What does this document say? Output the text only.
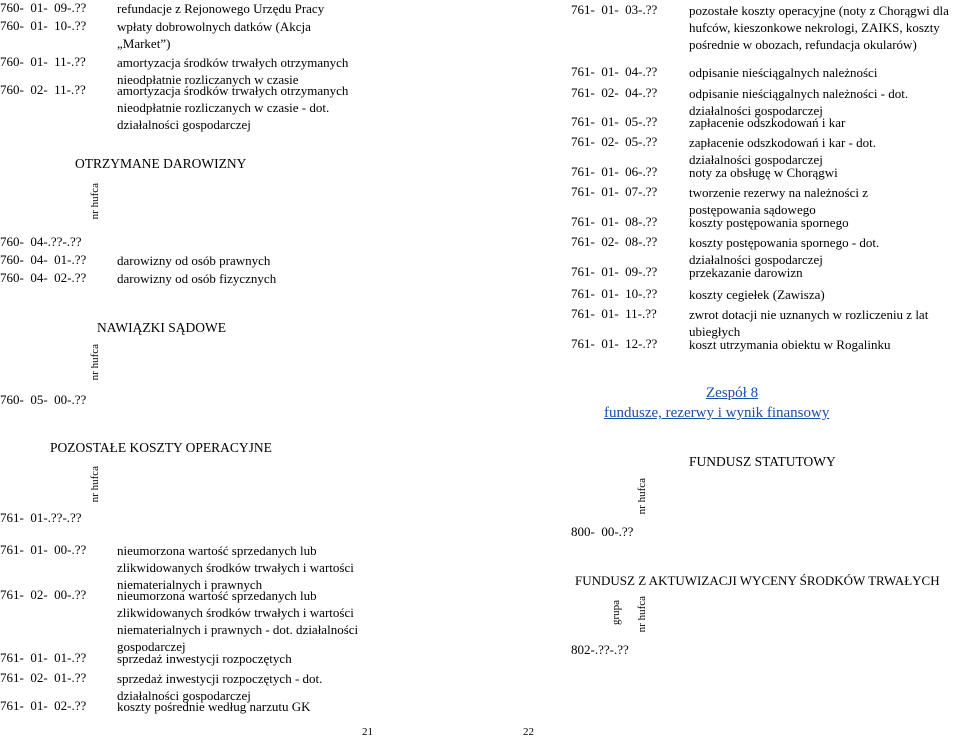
760-  01-  09-.?? refundacje z Rejonowego Urzędu Pracy
760-  01-  10-.?? wpłaty dobrowolnych datków (Akcja „Market”)
760-  01-  11-.?? amortyzacja środków trwałych otrzymanych nieodpłatnie rozliczanych w czasie
760-  02-  11-.?? amortyzacja środków trwałych otrzymanych nieodpłatnie rozliczanych w czasie - dot. działalności gospodarczej
OTRZYMANE DAROWIZNY
nr hufca
760-  04-.??-.??
760-  04-  01-.?? darowizny od osób prawnych
760-  04-  02-.?? darowizny od osób fizycznych
NAWIĄZKI SĄDOWE
nr hufca
760-  05-  00-.??
POZOSTAŁE KOSZTY OPERACYJNE
nr hufca
761-  01-.??-.??
761-  01-  00-.?? nieumorzona wartość sprzedanych lub zlikwidowanych środków trwałych i wartości niematerialnych i prawnych
761-  02-  00-.?? nieumorzona wartość sprzedanych lub zlikwidowanych środków trwałych i wartości niematerialnych i prawnych - dot. działalności gospodarczej
761-  01-  01-.?? sprzedaż inwestycji rozpoczętych
761-  02-  01-.?? sprzedaż inwestycji rozpoczętych - dot. działalności gospodarczej
761-  01-  02-.?? koszty pośrednie według narzutu GK
21
761-  01-  03-.?? pozostałe koszty operacyjne (noty z Chorągwi dla hufców, kieszonkowe nekrologi, ZAIKS, koszty pośrednie w obozach, refundacja okularów)
761-  01-  04-.?? odpisanie nieściągalnych należności
761-  02-  04-.?? odpisanie nieściągalnych należności - dot. działalności gospodarczej
761-  01-  05-.?? zapłacenie odszkodowań i kar
761-  02-  05-.?? zapłacenie odszkodowań i kar - dot. działalności gospodarczej
761-  01-  06-.?? noty za obsługę w Chorągwi
761-  01-  07-.?? tworzenie rezerwy na należności z postępowania sądowego
761-  01-  08-.?? koszty postępowania spornego
761-  02-  08-.?? koszty postępowania spornego - dot. działalności gospodarczej
761-  01-  09-.?? przekazanie darowizn
761-  01-  10-.?? koszty cegiełek (Zawisza)
761-  01-  11-.?? zwrot dotacji nie uznanych w rozliczeniu z lat ubiegłych
761-  01-  12-.?? koszt utrzymania obiektu w Rogalinku
Zespół 8
fundusze, rezerwy i wynik finansowy
FUNDUSZ STATUTOWY
nr hufca
800-  00-.??
FUNDUSZ Z AKTUWIZACJI WYCENY ŚRODKÓW TRWAŁYCH
grupa nr hufca
802-.??-.??
22
